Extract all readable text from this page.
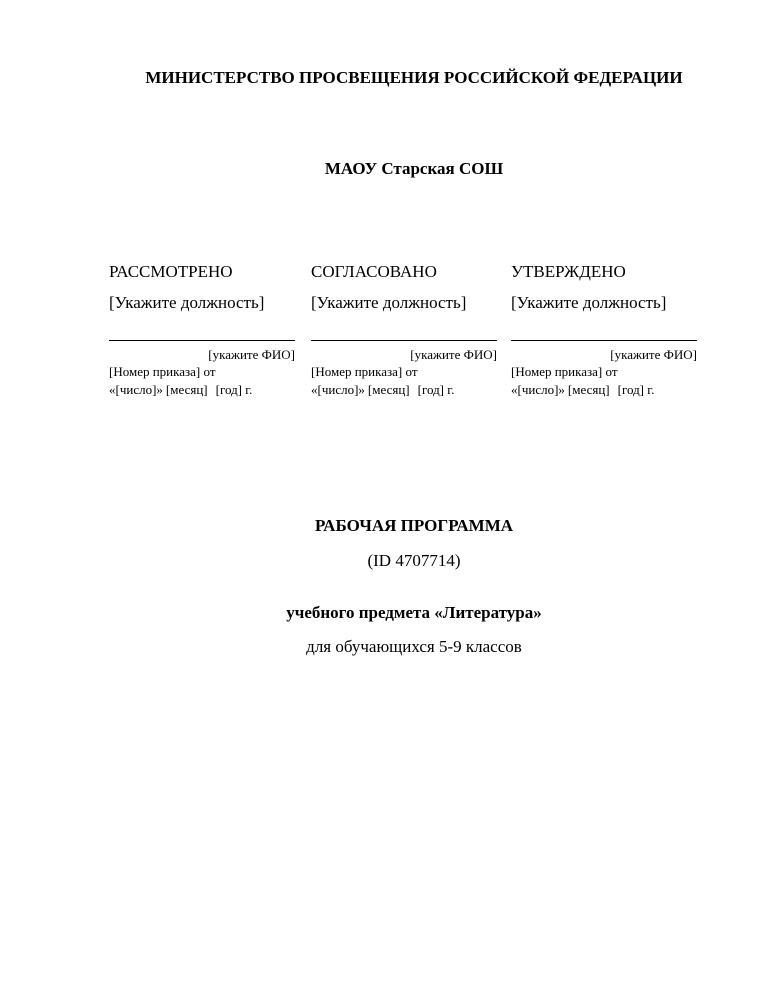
МИНИСТЕРСТВО ПРОСВЕЩЕНИЯ РОССИЙСКОЙ ФЕДЕРАЦИИ
МАОУ Старская СОШ
РАССМОТРЕНО
[Укажите должность]
[укажите ФИО]
[Номер приказа] от
«[число]» [месяц] [год] г.
СОГЛАСОВАНО
[Укажите должность]
[укажите ФИО]
[Номер приказа] от
«[число]» [месяц] [год] г.
УТВЕРЖДЕНО
[Укажите должность]
[укажите ФИО]
[Номер приказа] от
«[число]» [месяц] [год] г.
РАБОЧАЯ ПРОГРАММА
(ID 4707714)
учебного предмета «Литература»
для обучающихся 5-9 классов
